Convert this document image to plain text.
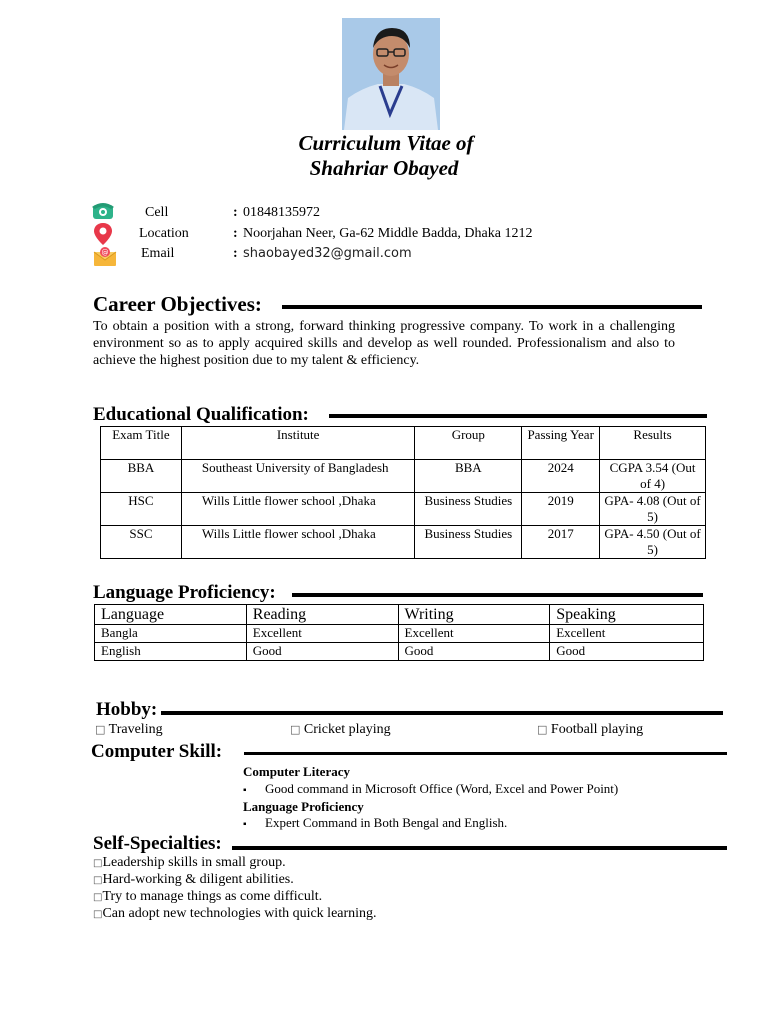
Curriculum Vitae of
Shahriar Obayed
Cell	: 01848135972
Location	: Noorjahan Neer, Ga-62 Middle Badda, Dhaka 1212
@ Email	: shaobayed32@gmail.com
Career Objectives:
To obtain a position with a strong, forward thinking progressive company. To work in a challenging environment so as to apply acquired skills and develop as well rounded. Professionalism and also to achieve the highest position due to my talent & efficiency.
Educational Qualification:
Exam Title	Institute	Group	Passing Year	Results
BBA	Southeast University of Bangladesh	BBA	2024	CGPA 3.54 (Out of 4)
HSC	Wills Little flower school ,Dhaka	Business Studies	2019	GPA- 4.08 (Out of 5)
SSC	Wills Little flower school ,Dhaka	Business Studies	2017	GPA- 4.50 (Out of 5)
Language Proficiency:
Language	Reading	Writing	Speaking
Bangla	Excellent	Excellent	Excellent
English	Good	Good	Good
Hobby:
□ Traveling	□ Cricket playing	□ Football playing
Computer Skill:
Computer Literacy
▪ Good command in Microsoft Office (Word, Excel and Power Point)
Language Proficiency
▪ Expert Command in Both Bengal and English.
Self-Specialties:
□Leadership skills in small group.
□Hard-working & diligent abilities.
□Try to manage things as come difficult.
□Can adopt new technologies with quick learning.
